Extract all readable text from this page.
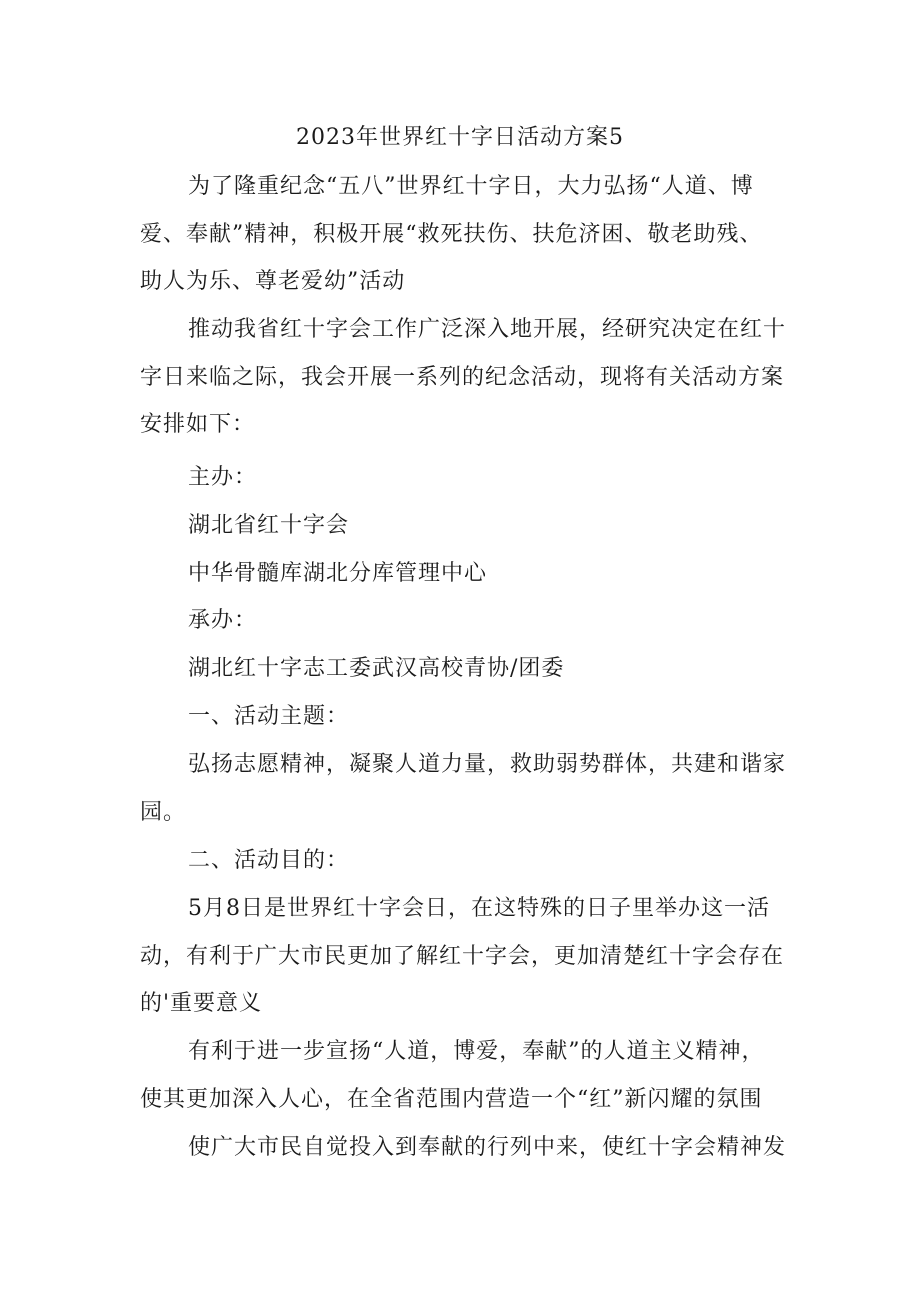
2023年世界红十字日活动方案5
为了隆重纪念“五八”世界红十字日，大力弘扬“人道、博
爱、奉献”精神，积极开展“救死扶伤、扶危济困、敬老助残、
助人为乐、尊老爱幼”活动
推动我省红十字会工作广泛深入地开展，经研究决定在红十
字日来临之际，我会开展一系列的纪念活动，现将有关活动方案
安排如下：
主办：
湖北省红十字会
中华骨髓库湖北分库管理中心
承办：
湖北红十字志工委武汉高校青协/团委
一、活动主题：
弘扬志愿精神，凝聚人道力量，救助弱势群体，共建和谐家
园。
二、活动目的：
5月8日是世界红十字会日，在这特殊的日子里举办这一活
动，有利于广大市民更加了解红十字会，更加清楚红十字会存在
的'重要意义
有利于进一步宣扬“人道，博爱，奉献”的人道主义精神，
使其更加深入人心，在全省范围内营造一个“红”新闪耀的氛围
使广大市民自觉投入到奉献的行列中来，使红十字会精神发
